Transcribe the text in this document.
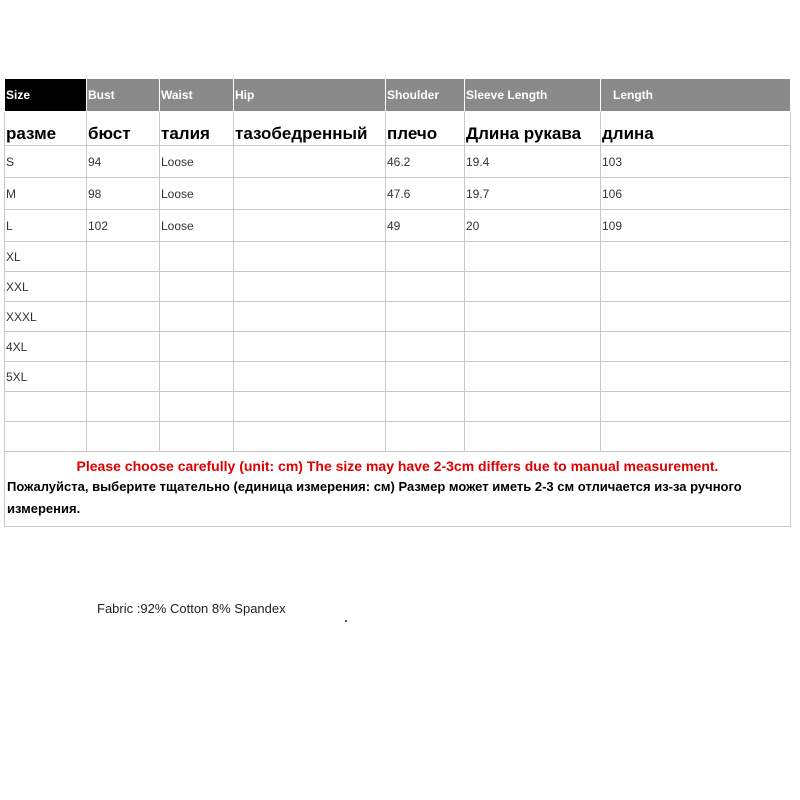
Size	Bust	Waist	Hip	Shoulder	Sleeve Length	Length
разме	бюст	талия	тазобедренный	плечо	Длина рукава	длина
S	94	Loose		46.2	19.4	103
M	98	Loose		47.6	19.7	106
L	102	Loose		49	20	109
XL						
XXL						
XXXL						
4XL						
5XL						

Please choose carefully (unit: cm) The size may have 2-3cm differs due to manual measurement.
Пожалуйста, выберите тщательно (единица измерения: см) Размер может иметь 2-3 см отличается из-за ручного измерения.						
Fabric :92% Cotton 8% Spandex
